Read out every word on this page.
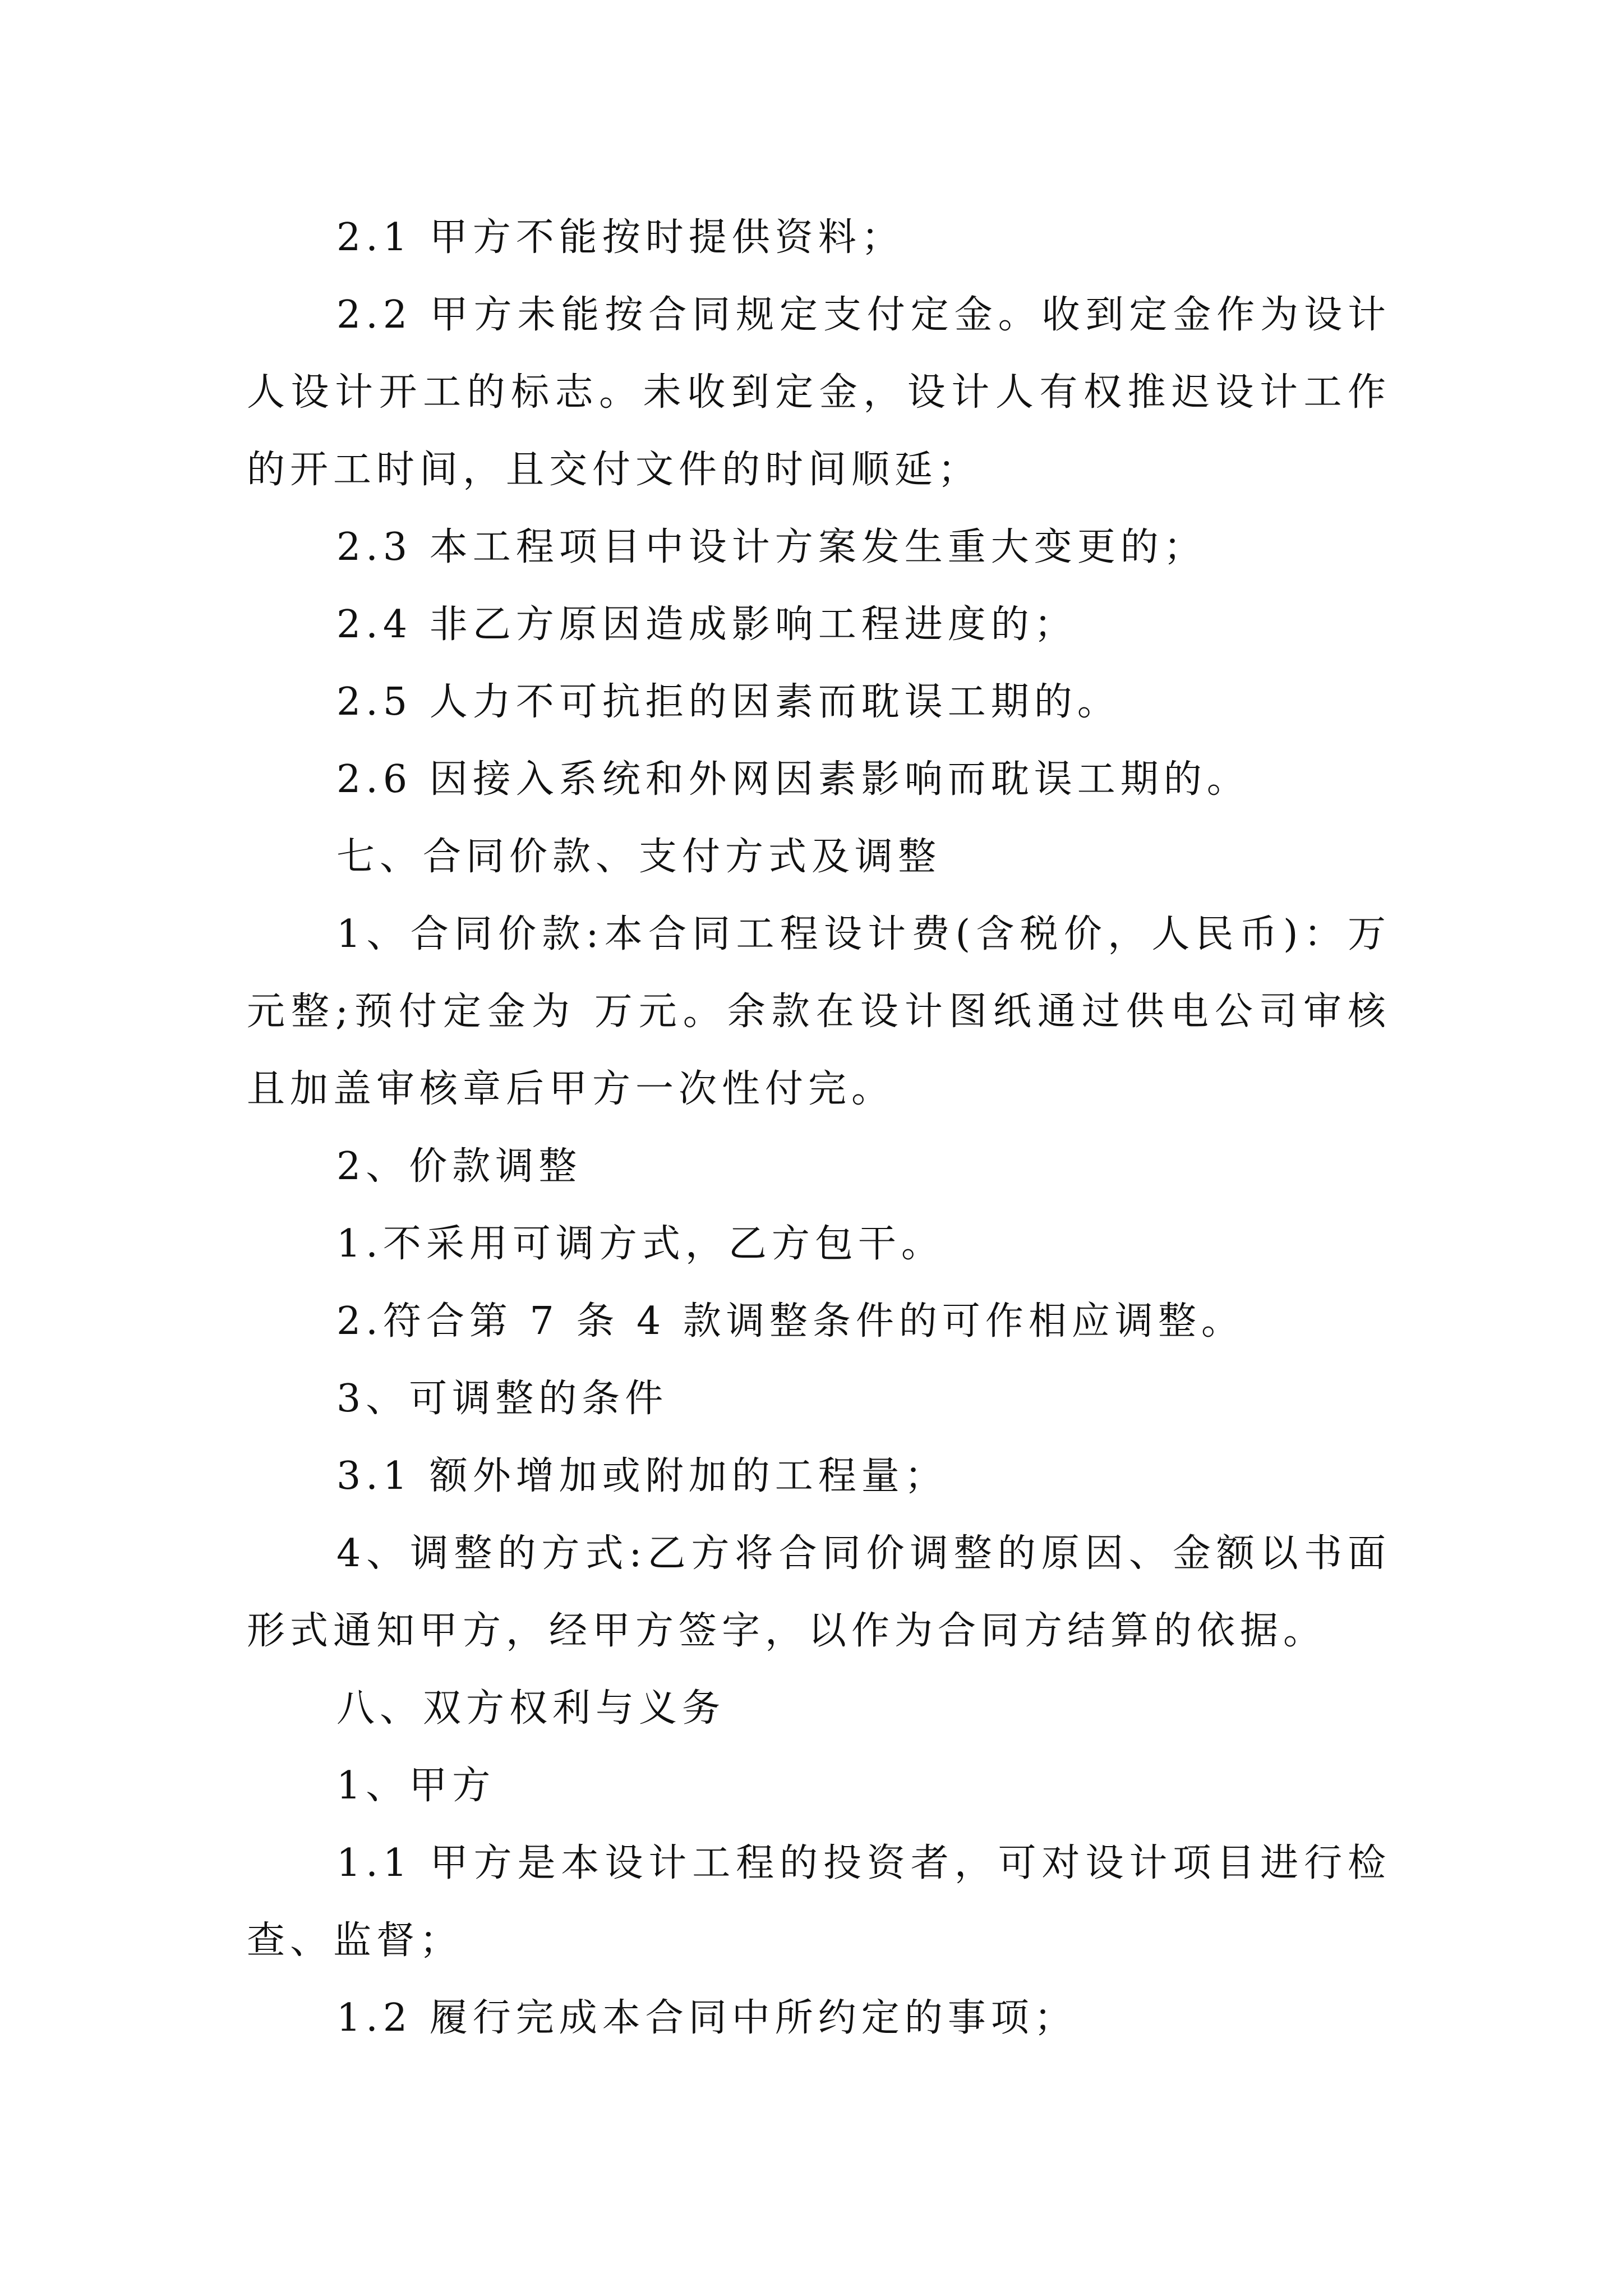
2.1 甲方不能按时提供资料；

2.2 甲方未能按合同规定支付定金。收到定金作为设计人设计开工的标志。未收到定金，设计人有权推迟设计工作的开工时间，且交付文件的时间顺延；

2.3 本工程项目中设计方案发生重大变更的；

2.4 非乙方原因造成影响工程进度的；

2.5 人力不可抗拒的因素而耽误工期的。

2.6 因接入系统和外网因素影响而耽误工期的。

七、合同价款、支付方式及调整

1、合同价款:本合同工程设计费(含税价，人民币)：万元整;预付定金为 万元。余款在设计图纸通过供电公司审核且加盖审核章后甲方一次性付完。

2、价款调整

1.不采用可调方式，乙方包干。

2.符合第 7 条 4 款调整条件的可作相应调整。

3、可调整的条件

3.1 额外增加或附加的工程量；

4、调整的方式:乙方将合同价调整的原因、金额以书面形式通知甲方，经甲方签字，以作为合同方结算的依据。

八、双方权利与义务

1、甲方

1.1 甲方是本设计工程的投资者，可对设计项目进行检查、监督；

1.2 履行完成本合同中所约定的事项；
